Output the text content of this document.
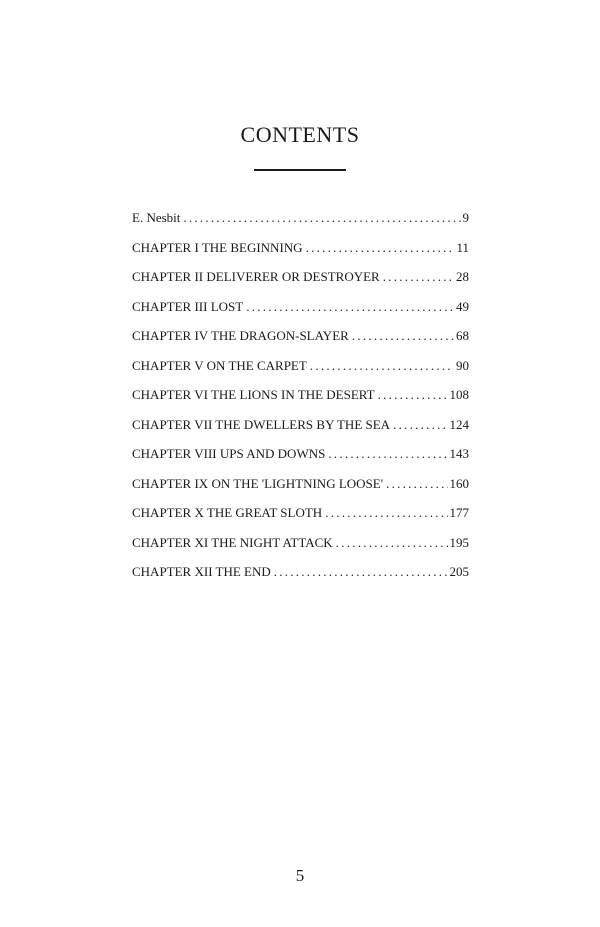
CONTENTS
E. Nesbit . . .	9
CHAPTER I THE BEGINNING . . .	11
CHAPTER II DELIVERER OR DESTROYER . . .	28
CHAPTER III LOST . . .	49
CHAPTER IV THE DRAGON-SLAYER . . .	68
CHAPTER V ON THE CARPET . . .	90
CHAPTER VI THE LIONS IN THE DESERT . . .	108
CHAPTER VII THE DWELLERS BY THE SEA . . .	124
CHAPTER VIII UPS AND DOWNS . . .	143
CHAPTER IX ON THE 'LIGHTNING LOOSE' . . .	160
CHAPTER X THE GREAT SLOTH . . .	177
CHAPTER XI THE NIGHT ATTACK . . .	195
CHAPTER XII THE END . . .	205
5
